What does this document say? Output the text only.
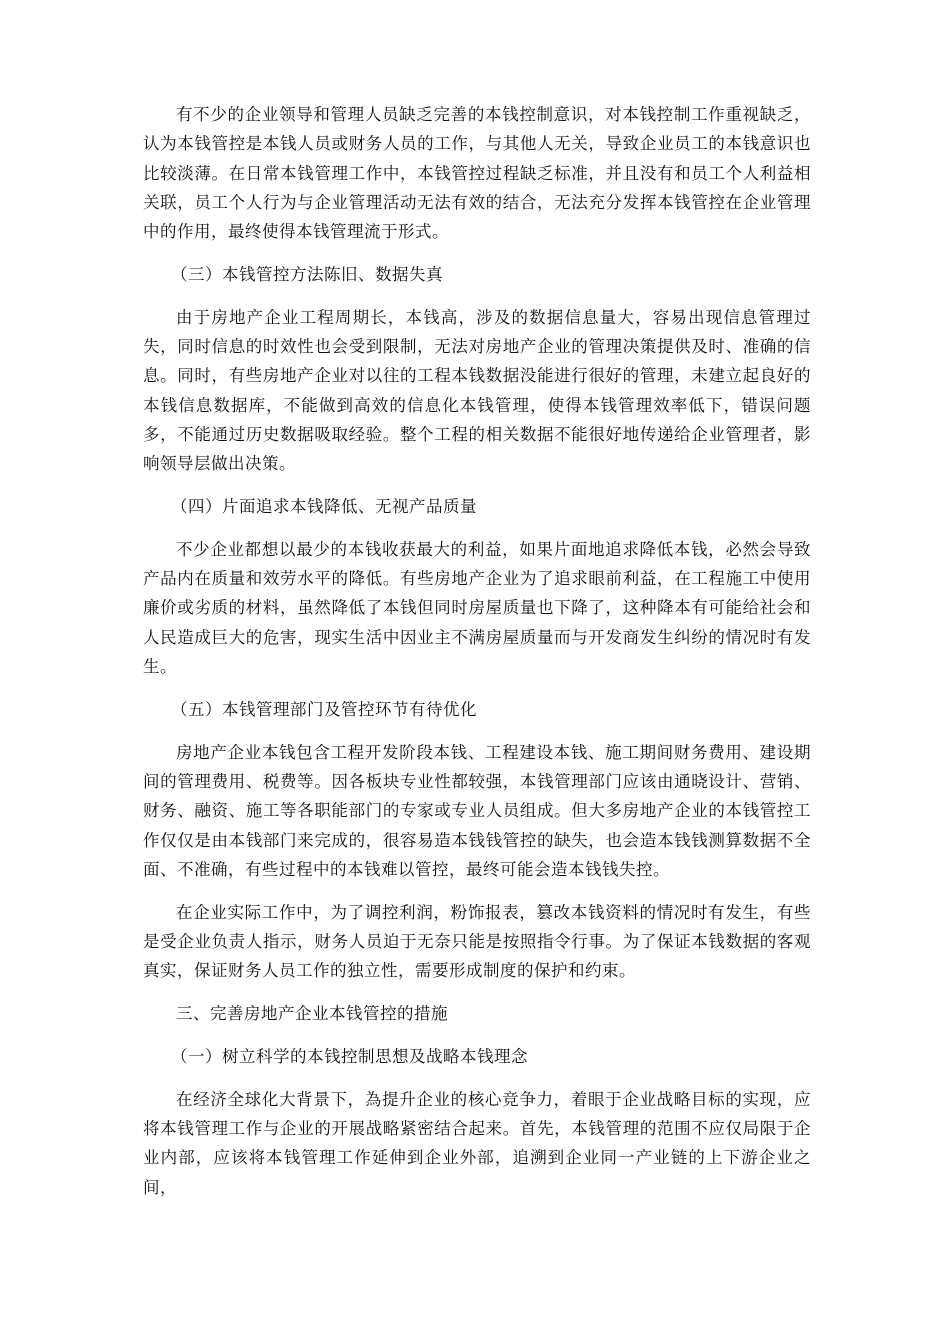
有不少的企业领导和管理人员缺乏完善的本钱控制意识，对本钱控制工作重视缺乏，认为本钱管控是本钱人员或财务人员的工作，与其他人无关，导致企业员工的本钱意识也比较淡薄。在日常本钱管理工作中，本钱管控过程缺乏标准，并且没有和员工个人利益相关联，员工个人行为与企业管理活动无法有效的结合，无法充分发挥本钱管控在企业管理中的作用，最终使得本钱管理流于形式。

（三）本钱管控方法陈旧、数据失真

由于房地产企业工程周期长，本钱高，涉及的数据信息量大，容易出现信息管理过失，同时信息的时效性也会受到限制，无法对房地产企业的管理决策提供及时、准确的信息。同时，有些房地产企业对以往的工程本钱数据没能进行很好的管理，未建立起良好的本钱信息数据库，不能做到高效的信息化本钱管理，使得本钱管理效率低下，错误问题多，不能通过历史数据吸取经验。整个工程的相关数据不能很好地传递给企业管理者，影响领导层做出决策。

（四）片面追求本钱降低、无视产品质量

不少企业都想以最少的本钱收获最大的利益，如果片面地追求降低本钱，必然会导致产品内在质量和效劳水平的降低。有些房地产企业为了追求眼前利益，在工程施工中使用廉价或劣质的材料，虽然降低了本钱但同时房屋质量也下降了，这种降本有可能给社会和人民造成巨大的危害，现实生活中因业主不满房屋质量而与开发商发生纠纷的情况时有发生。

（五）本钱管理部门及管控环节有待优化

房地产企业本钱包含工程开发阶段本钱、工程建设本钱、施工期间财务费用、建设期间的管理费用、税费等。因各板块专业性都较强，本钱管理部门应该由通晓设计、营销、财务、融资、施工等各职能部门的专家或专业人员组成。但大多房地产企业的本钱管控工作仅仅是由本钱部门来完成的，很容易造本钱钱管控的缺失，也会造本钱钱测算数据不全面、不准确，有些过程中的本钱难以管控，最终可能会造本钱钱失控。

在企业实际工作中，为了调控利润，粉饰报表，篡改本钱资料的情况时有发生，有些是受企业负责人指示，财务人员迫于无奈只能是按照指令行事。为了保证本钱数据的客观真实，保证财务人员工作的独立性，需要形成制度的保护和约束。

三、完善房地产企业本钱管控的措施

（一）树立科学的本钱控制思想及战略本钱理念

在经济全球化大背景下，為提升企业的核心竞争力，着眼于企业战略目标的实现，应将本钱管理工作与企业的开展战略紧密结合起来。首先，本钱管理的范围不应仅局限于企业内部，应该将本钱管理工作延伸到企业外部，追溯到企业同一产业链的上下游企业之间，
